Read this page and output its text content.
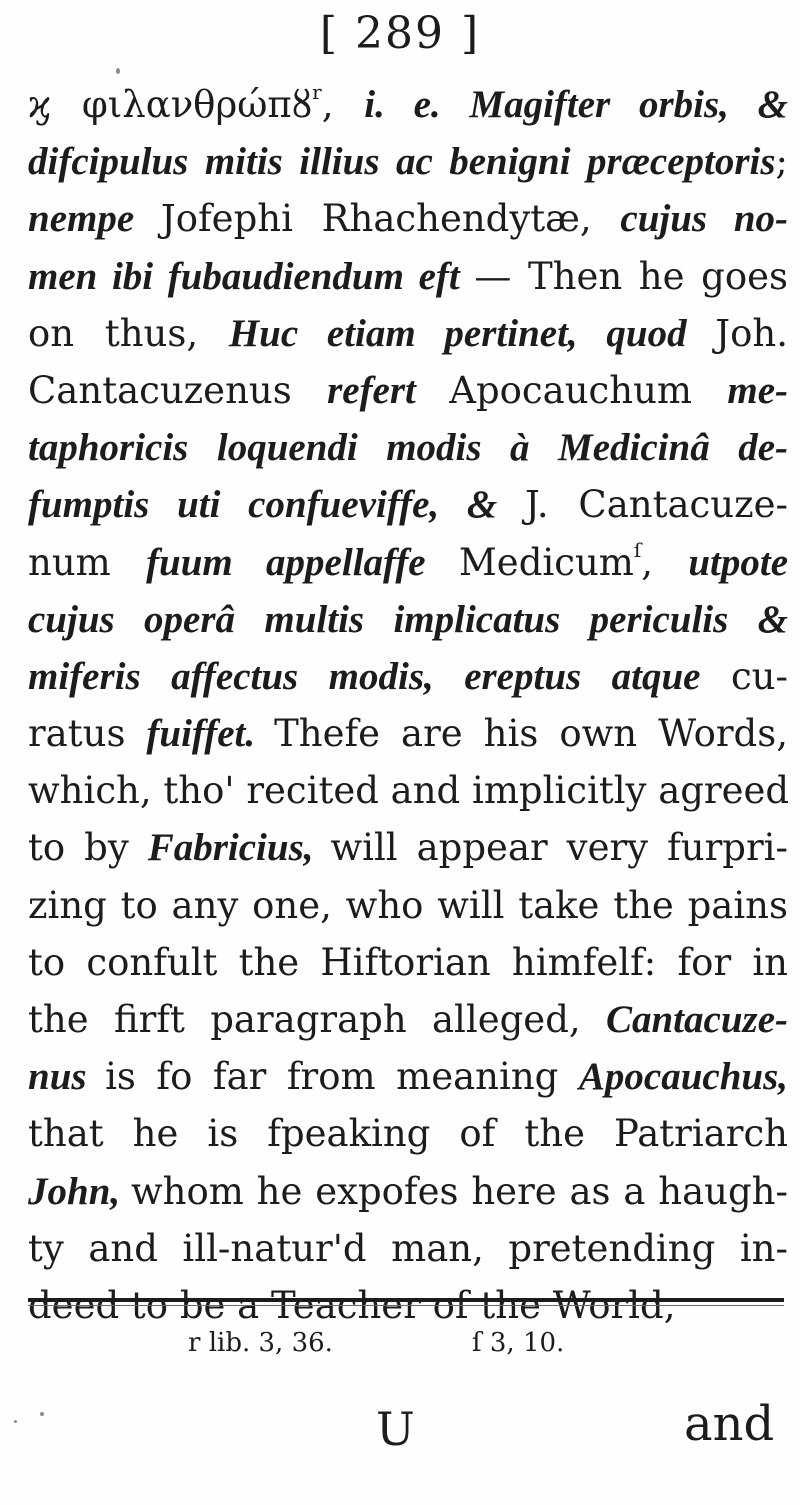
[ 289 ]
ϗ φιλανθρώπȣ$^r$, i. e. Magifter orbis, &
difcipulus mitis illius ac benigni præceptoris;
nempe Jofephi Rhachendytæ, cujus no-
men ibi fubaudiendum eft — Then he goes
on thus, Huc etiam pertinet, quod Joh.
Cantacuzenus refert Apocauchum me-
taphoricis loquendi modis à Medicinâ de-
fumptis uti confueviffe, & J. Cantacuze-
num fuum appellaffe Medicum$^ſ$, utpote
cujus operâ multis implicatus periculis &
miferis affectus modis, ereptus atque cu-
ratus fuiffet. Thefe are his own Words,
which, tho' recited and implicitly agreed
to by Fabricius, will appear very furpri-
zing to any one, who will take the pains
to confult the Hiftorian himfelf: for in
the firft paragraph alleged, Cantacuze-
nus is fo far from meaning Apocauchus,
that he is fpeaking of the Patriarch
John, whom he expofes here as a haugh-
ty and ill-natur'd man, pretending in-
r lib. 3, 36.	ſ 3, 10.
U	and
